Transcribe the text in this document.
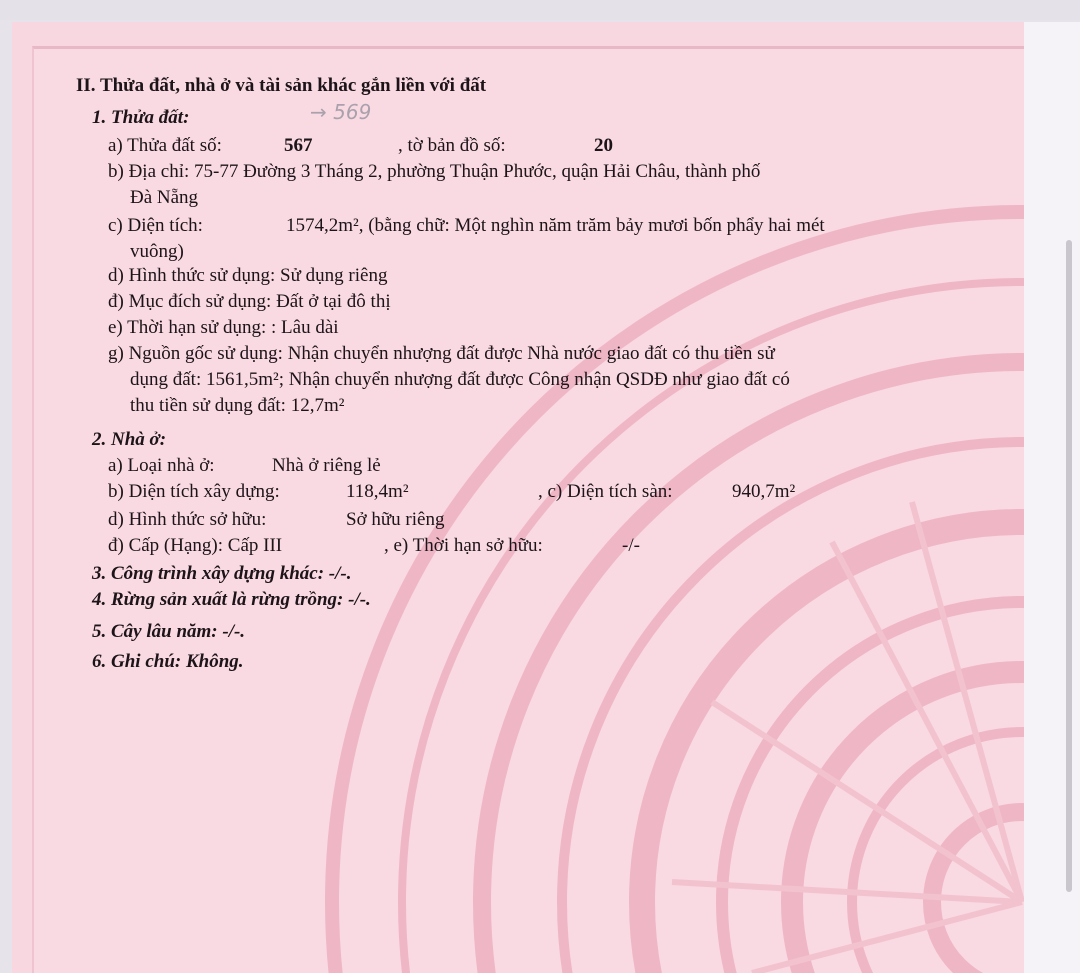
→ 569
II. Thửa đất, nhà ở và tài sản khác gắn liền với đất
1. Thửa đất:
a) Thửa đất số:	567	, tờ bản đồ số:	20
b) Địa chỉ: 75-77 Đường 3 Tháng 2, phường Thuận Phước, quận Hải Châu, thành phố
Đà Nẵng
c) Diện tích:	1574,2m², (bằng chữ: Một nghìn năm trăm bảy mươi bốn phẩy hai mét
vuông)
d) Hình thức sử dụng: Sử dụng riêng
đ) Mục đích sử dụng: Đất ở tại đô thị
e) Thời hạn sử dụng: : Lâu dài
g) Nguồn gốc sử dụng: Nhận chuyển nhượng đất được Nhà nước giao đất có thu tiền sử
dụng đất: 1561,5m²; Nhận chuyển nhượng đất được Công nhận QSDĐ như giao đất có
thu tiền sử dụng đất: 12,7m²
2. Nhà ở:
a) Loại nhà ở:	Nhà ở riêng lẻ
b) Diện tích xây dựng:	118,4m²	, c) Diện tích sàn:	940,7m²
d) Hình thức sở hữu:	Sở hữu riêng
đ) Cấp (Hạng): Cấp III	, e) Thời hạn sở hữu:	-/-
3. Công trình xây dựng khác: -/-.
4. Rừng sản xuất là rừng trồng: -/-.
5. Cây lâu năm: -/-.
6. Ghi chú: Không.
